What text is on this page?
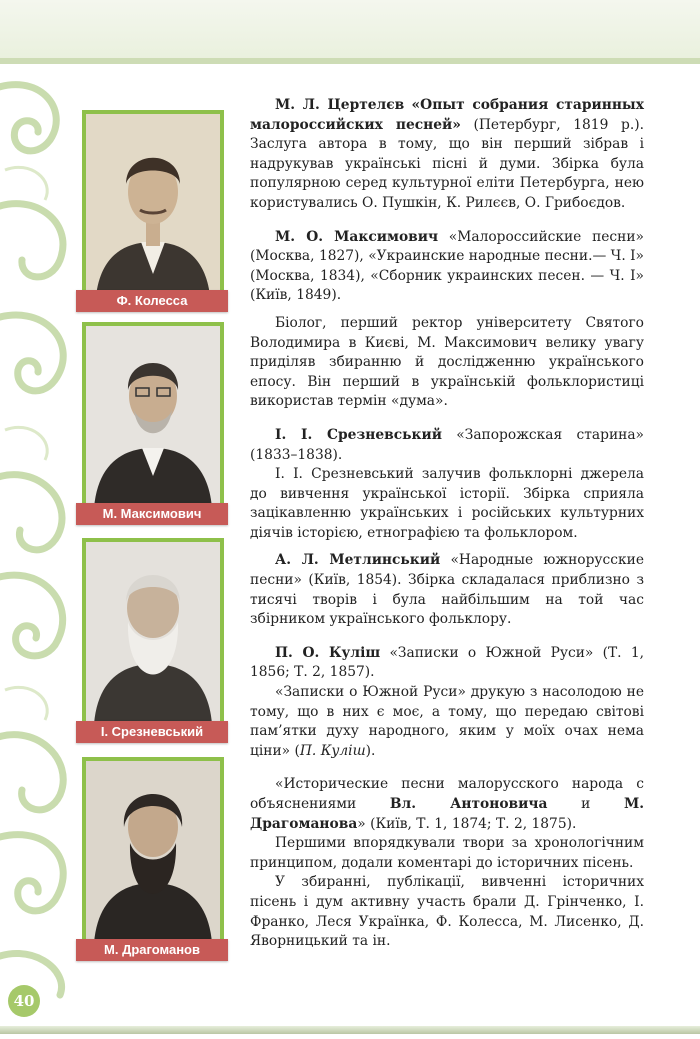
Ф. Колесса
М. Максимович
І. Срезневський
М. Драгоманов

М. Л. Цертелєв «Опыт собрания старинных малороссийских песней» (Петербург, 1819 р.). Заслуга автора в тому, що він перший зібрав і надрукував українські пісні й думи. Збірка була популярною серед культурної еліти Петербурга, нею користувались О. Пушкін, К. Рилєєв, О. Грибоєдов.

М. О. Максимович «Малороссийские песни» (Москва, 1827), «Украинские народные песни.— Ч. І» (Москва, 1834), «Сборник украинских песен. — Ч. І» (Київ, 1849).

Біолог, перший ректор університету Святого Володимира в Києві, М. Максимович велику увагу приділяв збиранню й дослідженню українського епосу. Він перший в українській фольклористиці використав термін «дума».

І. І. Срезневський «Запорожская старина» (1833–1838).

І. І. Срезневський залучив фольклорні джерела до вивчення української історії. Збірка сприяла зацікавленню українських і російських культурних діячів історією, етнографією та фольклором.

А. Л. Метлинський «Народные южнорусские песни» (Київ, 1854). Збірка складалася приблизно з тисячі творів і була найбільшим на той час збірником українського фольклору.

П. О. Куліш «Записки о Южной Руси» (Т. 1, 1856; Т. 2, 1857).

«Записки о Южной Руси» друкую з насолодою не тому, що в них є моє, а тому, що передаю світові пам’ятки духу народного, яким у моїх очах нема ціни» (П. Куліш).

«Исторические песни малорусского народа с объяснениями Вл. Антоновича и М. Драгоманова» (Київ, Т. 1, 1874; Т. 2, 1875).

Першими впорядкували твори за хронологічним принципом, додали коментарі до історичних пісень.

У збиранні, публікації, вивченні історичних пісень і дум активну участь брали Д. Грінченко, І. Франко, Леся Українка, Ф. Колесса, М. Лисенко, Д. Яворницький та ін.

40
